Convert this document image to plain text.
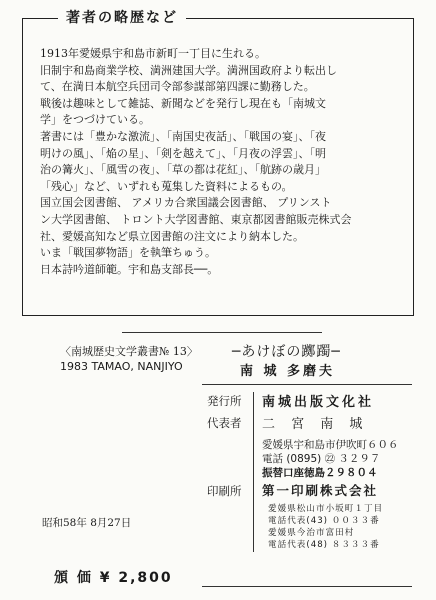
著者の略歴など

1913年愛媛県宇和島市新町一丁目に生れる。

旧制宇和島商業学校、満洲建国大学。満洲国政府より転出し

て、在満日本航空兵団司令部参謀部第四課に勤務した。

戦後は趣味として雑誌、新聞などを発行し現在も「南城文

学」をつづけている。

著書には「豊かな激流」、「南国史夜話」、「戦国の宴」、「夜

明けの風」、「焔の星」、「剣を越えて」、「月夜の浮雲」、「明

治の篝火」、「風雪の夜」、「草の都は花紅」、「航跡の歳月」

「残心」など、いずれも蒐集した資料によるもの。

国立国会図書館、 アメリカ合衆国議会図書館、 プリンスト

ン大学図書館、 トロント大学図書館、東京都図書館販売株式会

社、愛媛高知など県立図書館の注文により納本した。

いま「戦国夢物語」を執筆ちゅう。

日本詩吟道師範。宇和島支部長──。

〈南城歴史文学叢書№ 13〉 ─あけぼの躑躅─
1983 TAMAO, NANJIYO	南 城 多磨夫
発行所 南城出版文化社
代表者 二 宮 南 城
愛媛県宇和島市伊吹町６０６
電話 (0895) ㉒ ３２９７
振替口座徳島２９８０４
印刷所 第一印刷株式会社
愛媛県松山市小坂町１丁目
電話代表(43) ００３３番
愛媛県今治市富田村
電話代表(48) ８３３３番
昭和58年 8月27日
頒 価 ¥ 2,800
